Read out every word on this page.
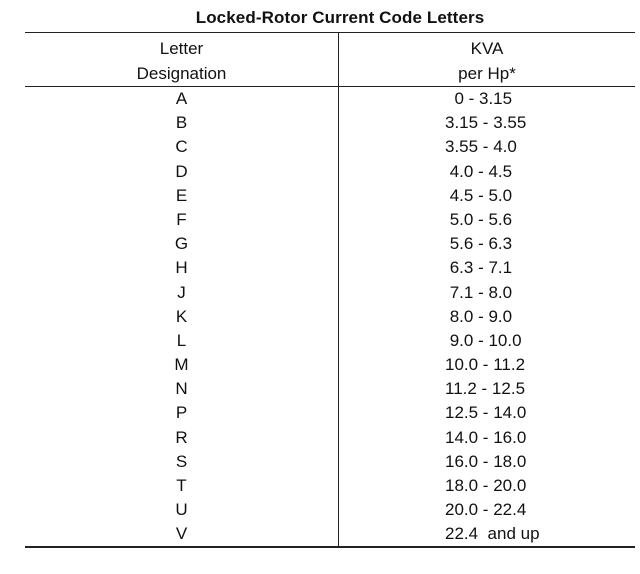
Locked-Rotor Current Code Letters
Letter
Designation
KVA
per Hp*
A	0 - 3.15
B	3.15 - 3.55
C	3.55 - 4.0
D	4.0 - 4.5
E	4.5 - 5.0
F	5.0 - 5.6
G	5.6 - 6.3
H	6.3 - 7.1
J	7.1 - 8.0
K	8.0 - 9.0
L	9.0 - 10.0
M	10.0 - 11.2
N	11.2 - 12.5
P	12.5 - 14.0
R	14.0 - 16.0
S	16.0 - 18.0
T	18.0 - 20.0
U	20.0 - 22.4
V	22.4  and up
